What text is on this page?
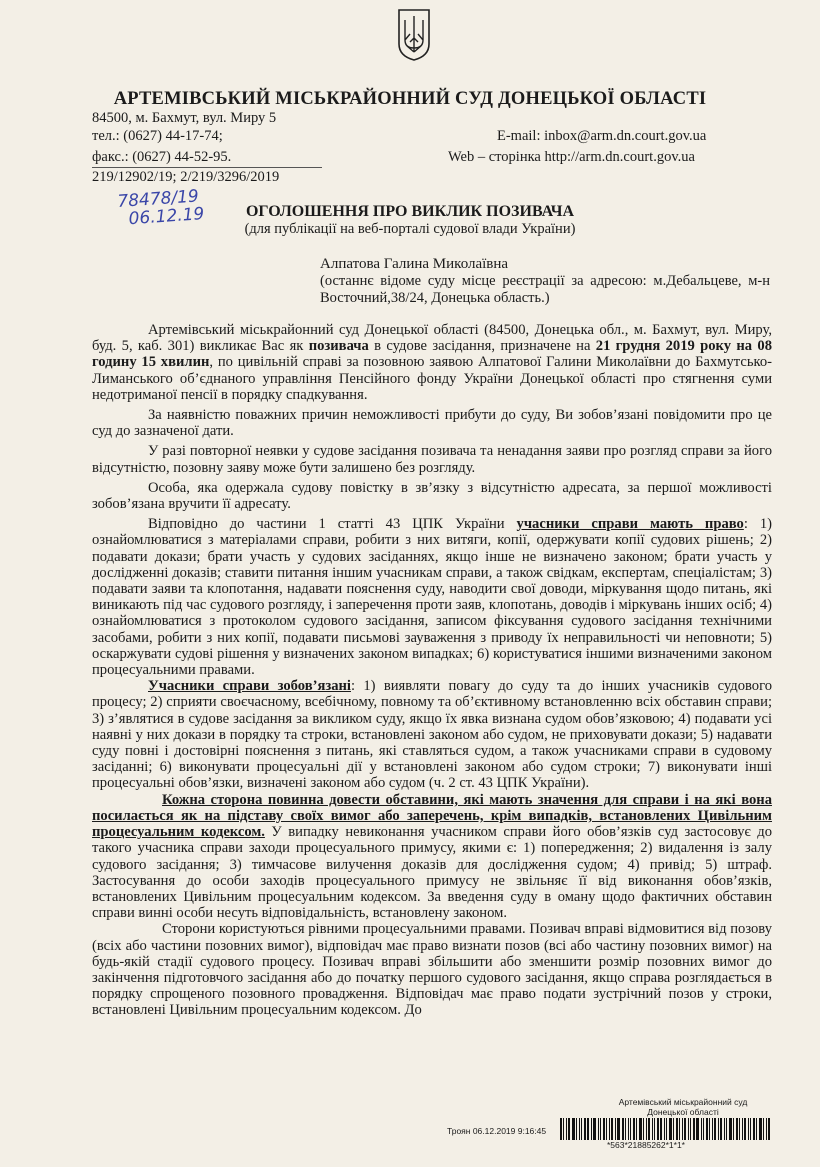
АРТЕМІВСЬКИЙ МІСЬКРАЙОННИЙ СУД ДОНЕЦЬКОЇ ОБЛАСТІ
84500, м. Бахмут, вул. Миру 5
тел.: (0627) 44-17-74;	E-mail: inbox@arm.dn.court.gov.ua
факс.: (0627) 44-52-95.	Web – сторінка http://arm.dn.court.gov.ua
219/12902/19; 2/219/3296/2019
78478/19
06.12.19	ОГОЛОШЕННЯ ПРО ВИКЛИК ПОЗИВАЧА
(для публікації на веб-порталі судової влади України)
Алпатова Галина Миколаївна
(останнє відоме суду місце реєстрації за адресою: м.Дебальцеве, м-н Восточний,38/24, Донецька область.)

Артемівський міськрайонний суд Донецької області (84500, Донецька обл., м. Бахмут, вул. Миру, буд. 5, каб. 301) викликає Вас як позивача в судове засідання, призначене на 21 грудня 2019 року на 08 годину 15 хвилин, по цивільній справі за позовною заявою Алпатової Галини Миколаївни до Бахмутсько-Лиманського об’єднаного управління Пенсійного фонду України Донецької області про стягнення суми недотриманої пенсії в порядку спадкування.

За наявністю поважних причин неможливості прибути до суду, Ви зобов’язані повідомити про це суд до зазначеної дати.

У разі повторної неявки у судове засідання позивача та ненадання заяви про розгляд справи за його відсутністю, позовну заяву може бути залишено без розгляду.

Особа, яка одержала судову повістку в зв’язку з відсутністю адресата, за першої можливості зобов’язана вручити її адресату.

Відповідно до частини 1 статті 43 ЦПК України учасники справи мають право: 1) ознайомлюватися з матеріалами справи, робити з них витяги, копії, одержувати копії судових рішень; 2) подавати докази; брати участь у судових засіданнях, якщо інше не визначено законом; брати участь у дослідженні доказів; ставити питання іншим учасникам справи, а також свідкам, експертам, спеціалістам; 3) подавати заяви та клопотання, надавати пояснення суду, наводити свої доводи, міркування щодо питань, які виникають під час судового розгляду, і заперечення проти заяв, клопотань, доводів і міркувань інших осіб; 4) ознайомлюватися з протоколом судового засідання, записом фіксування судового засідання технічними засобами, робити з них копії, подавати письмові зауваження з приводу їх неправильності чи неповноти; 5) оскаржувати судові рішення у визначених законом випадках; 6) користуватися іншими визначеними законом процесуальними правами.

Учасники справи зобов’язані: 1) виявляти повагу до суду та до інших учасників судового процесу; 2) сприяти своєчасному, всебічному, повному та об’єктивному встановленню всіх обставин справи; 3) з’являтися в судове засідання за викликом суду, якщо їх явка визнана судом обов’язковою; 4) подавати усі наявні у них докази в порядку та строки, встановлені законом або судом, не приховувати докази; 5) надавати суду повні і достовірні пояснення з питань, які ставляться судом, а також учасниками справи в судовому засіданні; 6) виконувати процесуальні дії у встановлені законом або судом строки; 7) виконувати інші процесуальні обов’язки, визначені законом або судом (ч. 2 ст. 43 ЦПК України).

Кожна сторона повинна довести обставини, які мають значення для справи і на які вона посилається як на підставу своїх вимог або заперечень, крім випадків, встановлених Цивільним процесуальним кодексом. У випадку невиконання учасником справи його обов’язків суд застосовує до такого учасника справи заходи процесуального примусу, якими є: 1) попередження; 2) видалення із залу судового засідання; 3) тимчасове вилучення доказів для дослідження судом; 4) привід; 5) штраф. Застосування до особи заходів процесуального примусу не звільняє її від виконання обов’язків, встановлених Цивільним процесуальним кодексом. За введення суду в оману щодо фактичних обставин справи винні особи несуть відповідальність, встановлену законом.

Сторони користуються рівними процесуальними правами. Позивач вправі відмовитися від позову (всіх або частини позовних вимог), відповідач має право визнати позов (всі або частину позовних вимог) на будь-якій стадії судового процесу. Позивач вправі збільшити або зменшити розмір позовних вимог до закінчення підготовчого засідання або до початку першого судового засідання, якщо справа розглядається в порядку спрощеного позовного провадження. Відповідач має право подати зустрічний позов у строки, встановлені Цивільним процесуальним кодексом. До

Артемівський міськрайонний суд
Донецької області
Троян 06.12.2019 9:16:45
*563*21885262*1*1*
